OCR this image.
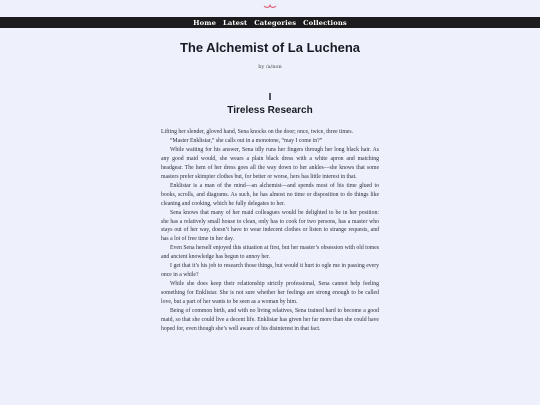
Home Latest Categories Collections
The Alchemist of La Luchena
by /a/non
I
Tireless Research

Lifting her slender, gloved hand, Sena knocks on the door; once, twice, three times.

“Master Enklistar,” she calls out in a monotone, “may I come in?”

While waiting for his answer, Sena idly runs her fingers through her long black hair. As any good maid would, she wears a plain black dress with a white apron and matching headgear. The hem of her dress goes all the way down to her ankles—she knows that some masters prefer skimpier clothes but, for better or worse, hers has little interest in that.

Enklistar is a man of the mind—an alchemist—and spends most of his time glued to books, scrolls, and diagrams. As such, he has almost no time or disposition to do things like cleaning and cooking, which he fully delegates to her.

Sena knows that many of her maid colleagues would be delighted to be in her position: she has a relatively small house to clean, only has to cook for two persons, has a master who stays out of her way, doesn’t have to wear indecent clothes or listen to strange requests, and has a lot of free time in her day.

Even Sena herself enjoyed this situation at first, but her master’s obsession with old tomes and ancient knowledge has begun to annoy her.

I get that it’s his job to research those things, but would it hurt to ogle me in passing every once in a while?

While she does keep their relationship strictly professional, Sena cannot help feeling something for Enklistar. She is not sure whether her feelings are strong enough to be called love, but a part of her wants to be seen as a woman by him.

Being of common birth, and with no living relatives, Sena trained hard to become a good maid, so that she could live a decent life. Enklistar has given her far more than she could have hoped for, even though she’s well aware of his disinterest in that fact.
